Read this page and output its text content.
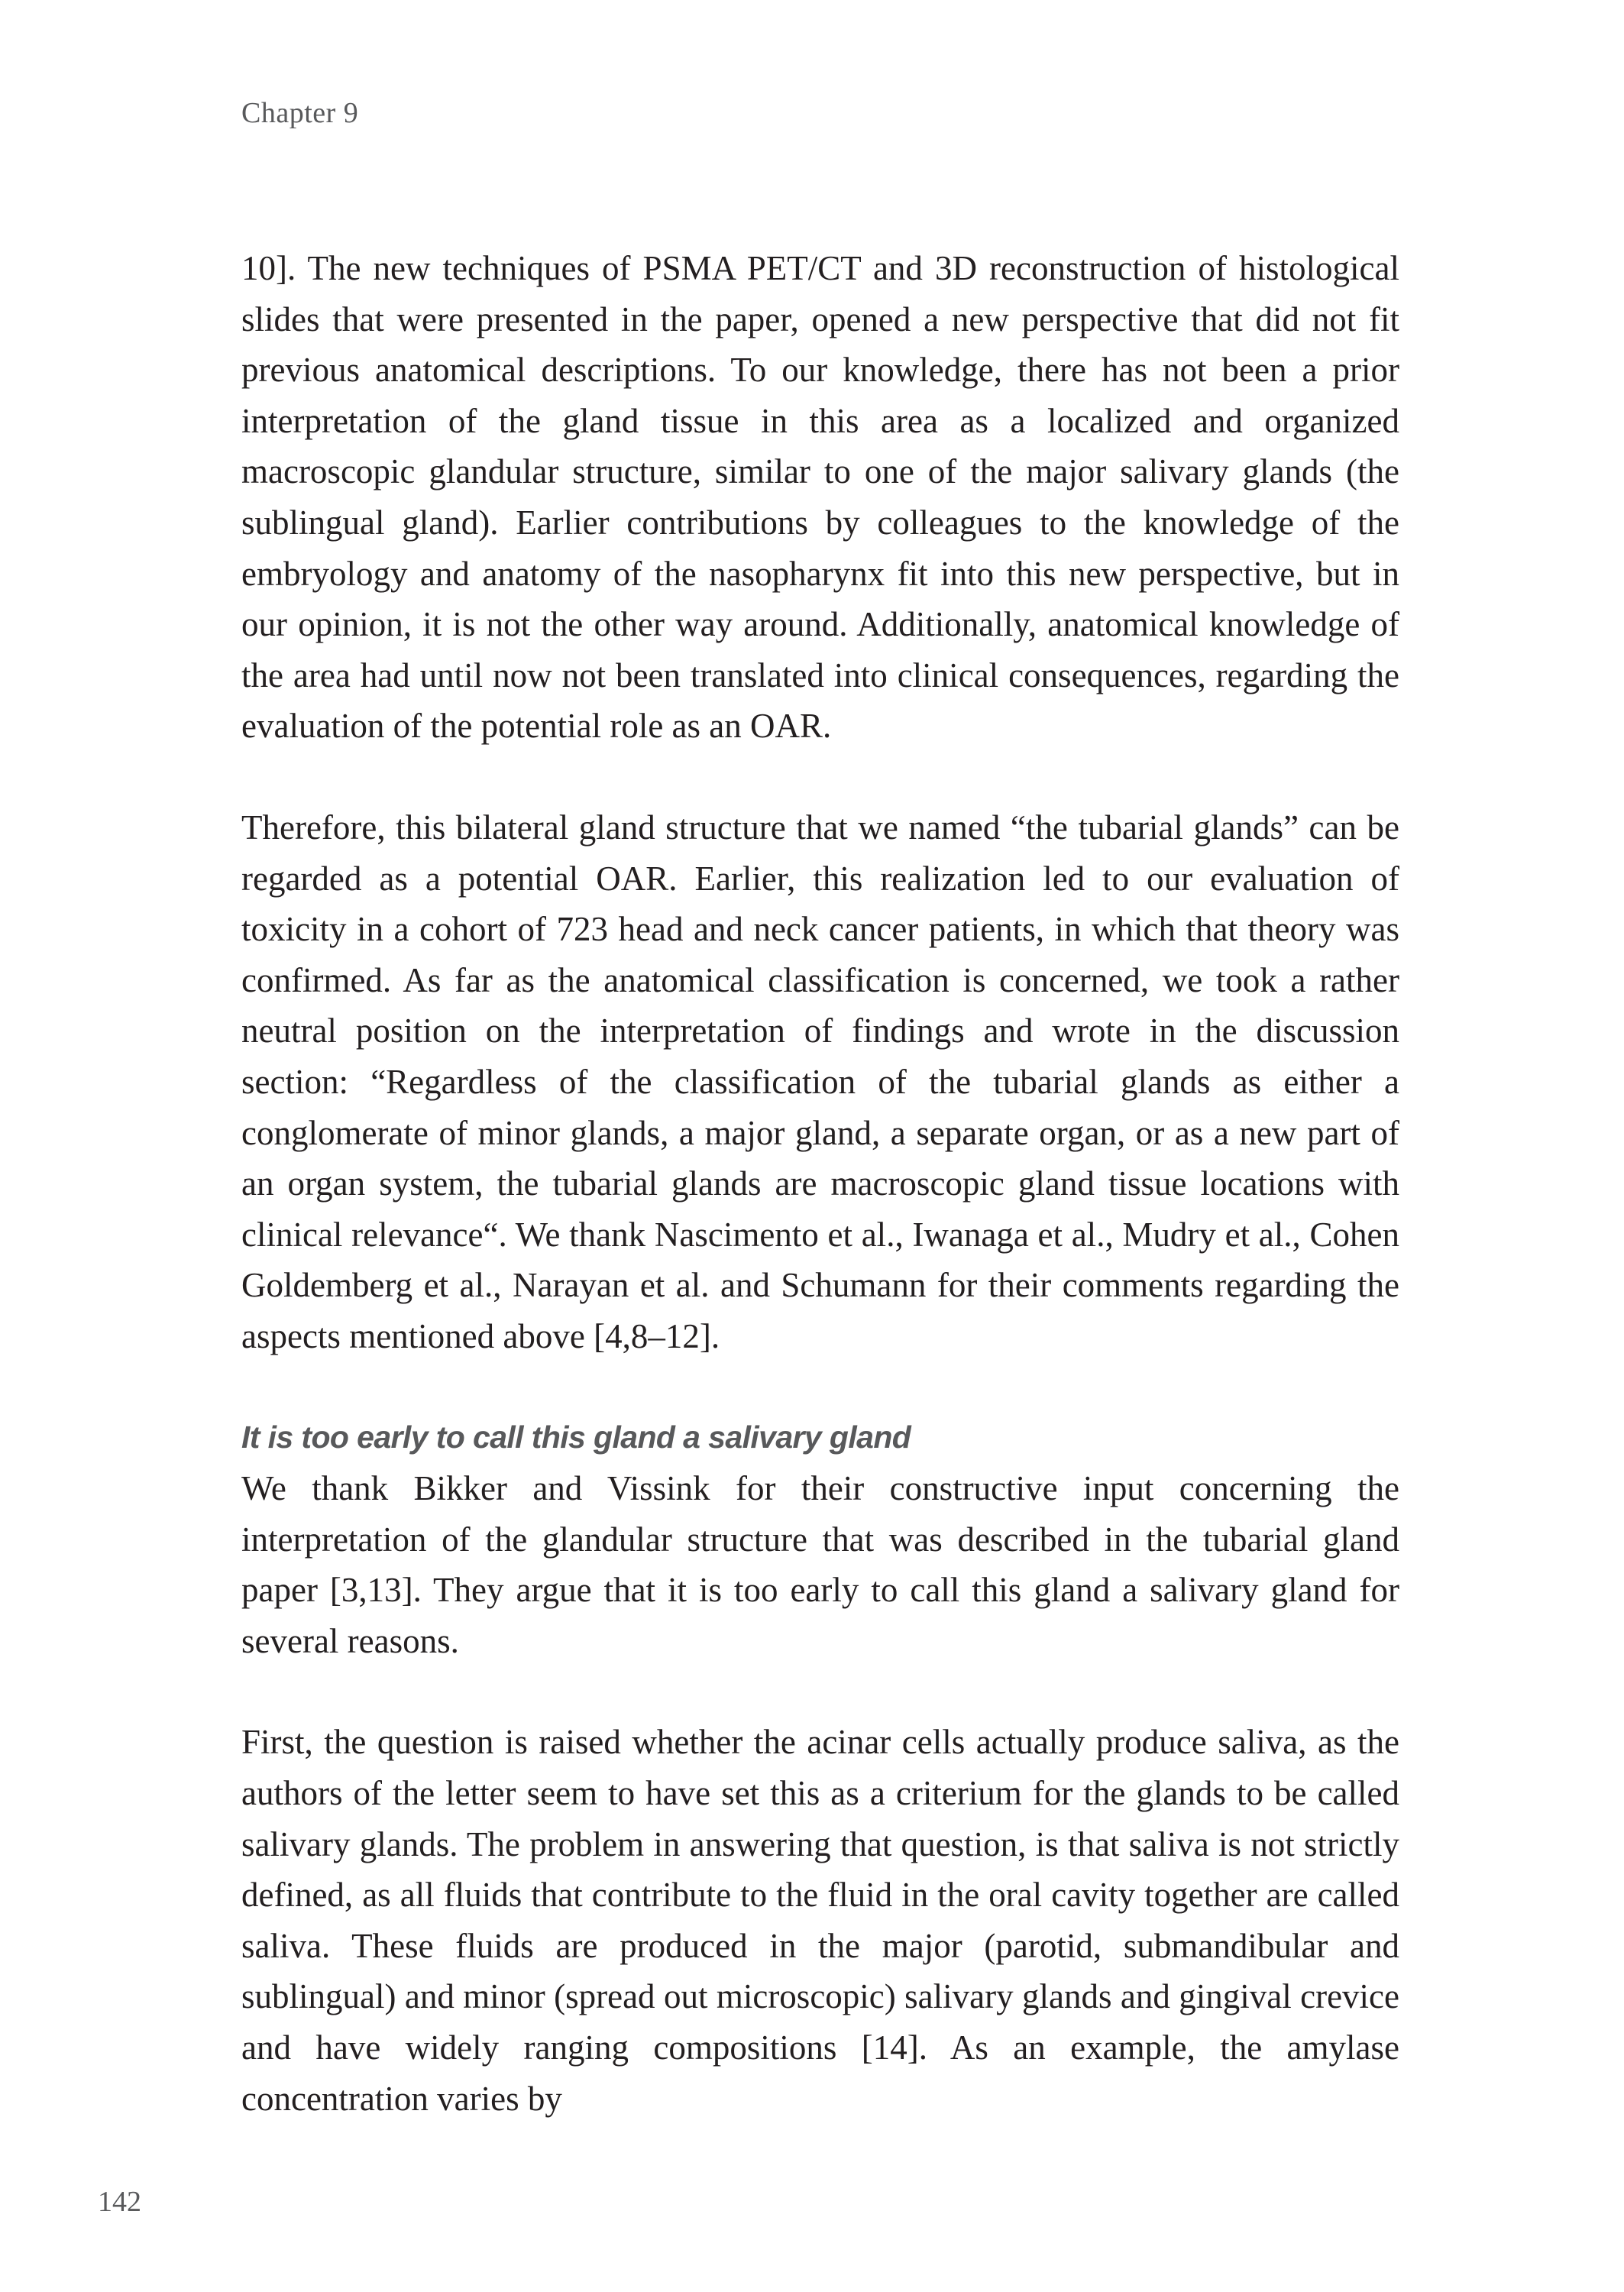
Chapter 9

10]. The new techniques of PSMA PET/CT and 3D reconstruction of histological slides that were presented in the paper, opened a new perspective that did not fit previous anatomical descriptions. To our knowledge, there has not been a prior interpretation of the gland tissue in this area as a localized and organized macroscopic glandular structure, similar to one of the major salivary glands (the sublingual gland). Earlier contributions by colleagues to the knowledge of the embryology and anatomy of the nasopharynx fit into this new perspective, but in our opinion, it is not the other way around. Additionally, anatomical knowledge of the area had until now not been translated into clinical consequences, regarding the evaluation of the potential role as an OAR.

Therefore, this bilateral gland structure that we named “the tubarial glands” can be regarded as a potential OAR. Earlier, this realization led to our evaluation of toxicity in a cohort of 723 head and neck cancer patients, in which that theory was confirmed. As far as the anatomical classification is concerned, we took a rather neutral position on the interpretation of findings and wrote in the discussion section: “Regardless of the classification of the tubarial glands as either a conglomerate of minor glands, a major gland, a separate organ, or as a new part of an organ system, the tubarial glands are macroscopic gland tissue locations with clinical relevance“. We thank Nascimento et al., Iwanaga et al., Mudry et al., Cohen Goldemberg et al., Narayan et al. and Schumann for their comments regarding the aspects mentioned above [4,8–12].

It is too early to call this gland a salivary gland

We thank Bikker and Vissink for their constructive input concerning the interpretation of the glandular structure that was described in the tubarial gland paper [3,13]. They argue that it is too early to call this gland a salivary gland for several reasons.

First, the question is raised whether the acinar cells actually produce saliva, as the authors of the letter seem to have set this as a criterium for the glands to be called salivary glands. The problem in answering that question, is that saliva is not strictly defined, as all fluids that contribute to the fluid in the oral cavity together are called saliva. These fluids are produced in the major (parotid, submandibular and sublingual) and minor (spread out microscopic) salivary glands and gingival crevice and have widely ranging compositions [14]. As an example, the amylase concentration varies by

142
